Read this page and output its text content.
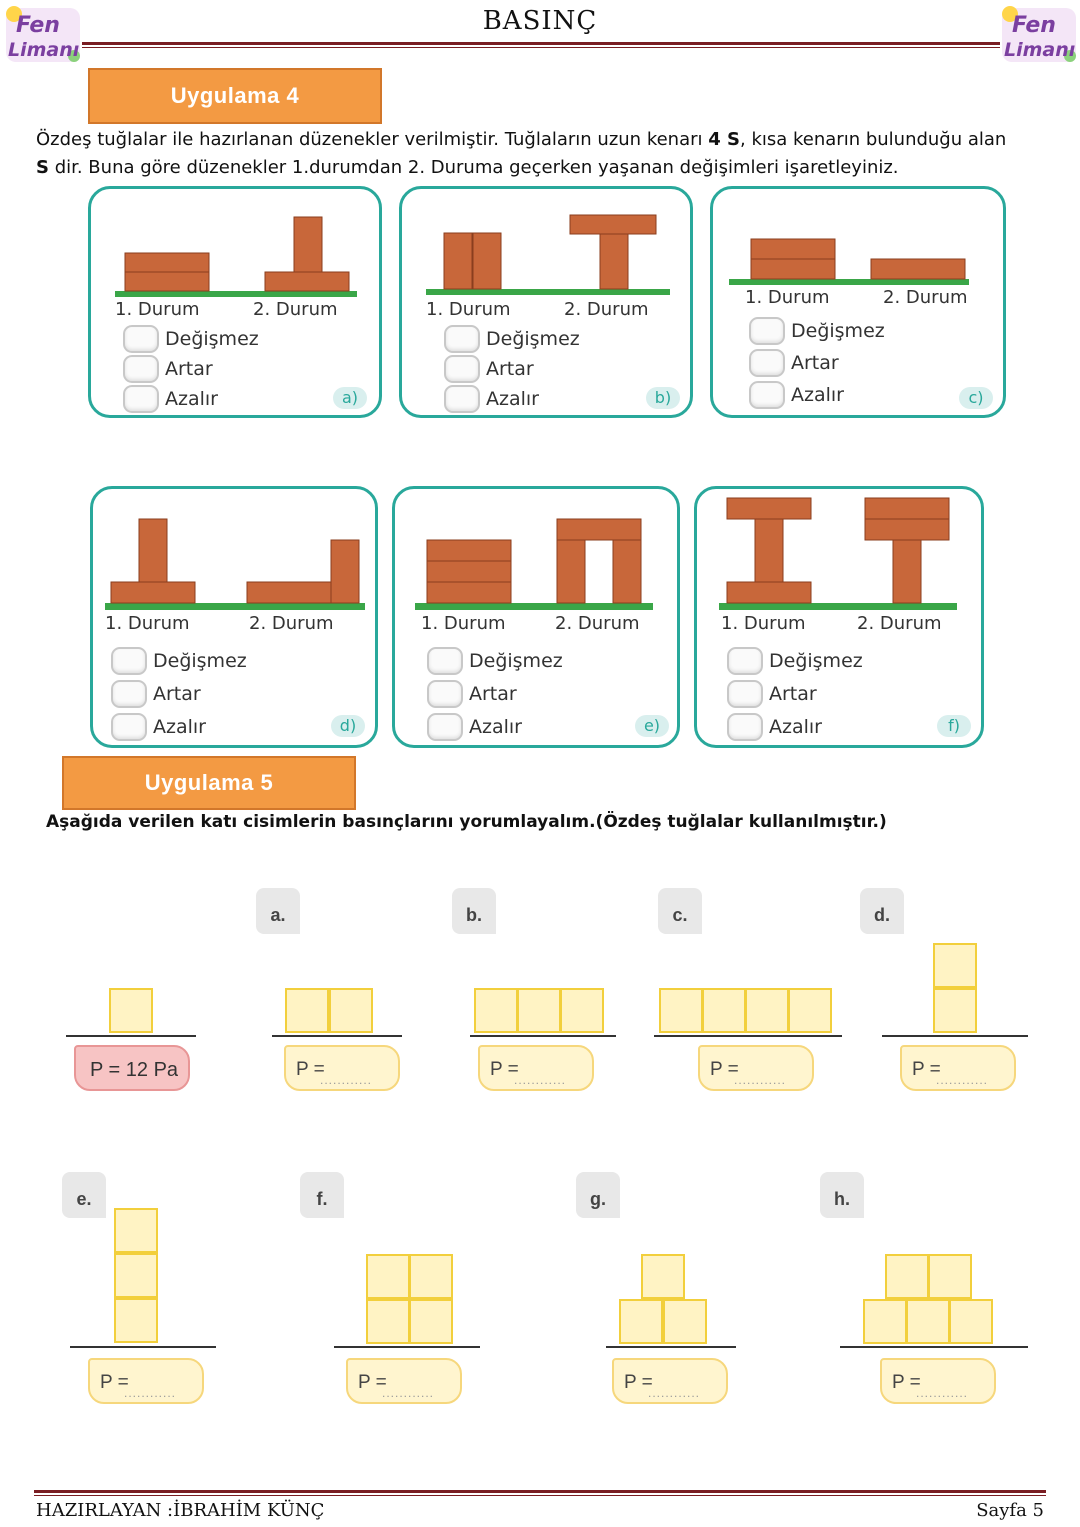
Fen
Limanı
Fen
Limanı
BASINÇ
Uygulama 4
Özdeş tuğlalar ile hazırlanan düzenekler verilmiştir. Tuğlaların uzun kenarı 4 S, kısa kenarın bulunduğu alan
S dir. Buna göre düzenekler 1.durumdan 2. Duruma geçerken yaşanan değişimleri işaretleyiniz.
1. Durum	2. Durum
Değişmez
Artar
Azalır	a)
1. Durum	2. Durum
Değişmez
Artar
Azalır	b)
1. Durum	2. Durum
Değişmez
Artar
Azalır	c)
1. Durum	2. Durum
Değişmez
Artar
Azalır	d)
1. Durum	2. Durum
Değişmez
Artar
Azalır	e)
1. Durum	2. Durum
Değişmez
Artar
Azalır	f)
Uygulama 5
Aşağıda verilen katı cisimlerin basınçlarını yorumlayalım.(Özdeş tuğlalar kullanılmıştır.)
P = 12 Pa
a.
P =
............
b.
P =
............
c.
P =
............
d.
P =
............
e.
P =
............
f.
P =
............
g.
P =
............
h.
P =
............
HAZIRLAYAN :İBRAHİM KÜNÇ	Sayfa 5
